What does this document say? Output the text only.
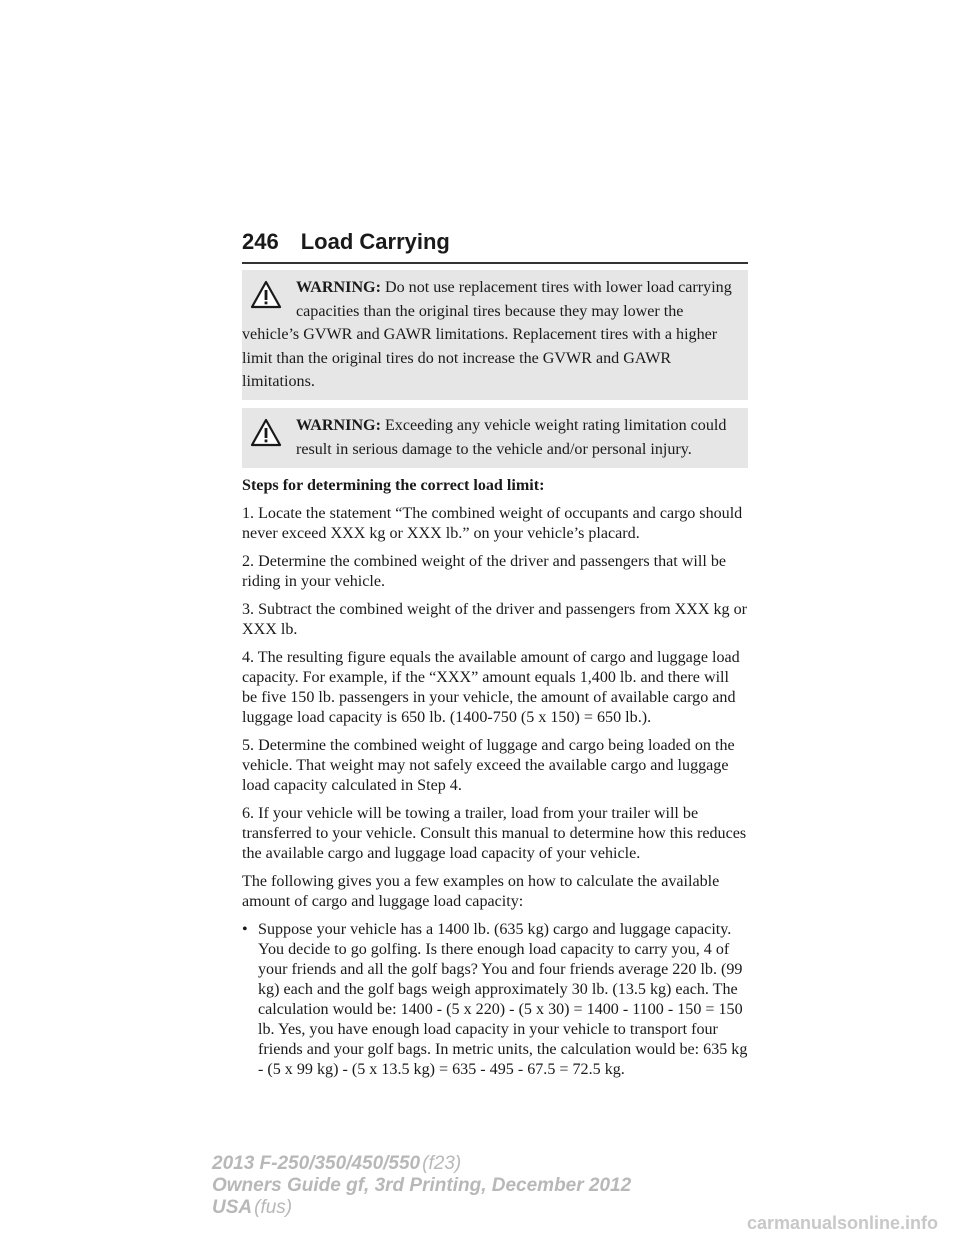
246 Load Carrying

WARNING: Do not use replacement tires with lower load carrying capacities than the original tires because they may lower the vehicle’s GVWR and GAWR limitations. Replacement tires with a higher limit than the original tires do not increase the GVWR and GAWR limitations.

WARNING: Exceeding any vehicle weight rating limitation could result in serious damage to the vehicle and/or personal injury.

Steps for determining the correct load limit:

1. Locate the statement “The combined weight of occupants and cargo should never exceed XXX kg or XXX lb.” on your vehicle’s placard.

2. Determine the combined weight of the driver and passengers that will be riding in your vehicle.

3. Subtract the combined weight of the driver and passengers from XXX kg or XXX lb.

4. The resulting figure equals the available amount of cargo and luggage load capacity. For example, if the “XXX” amount equals 1,400 lb. and there will be five 150 lb. passengers in your vehicle, the amount of available cargo and luggage load capacity is 650 lb. (1400-750 (5 x 150) = 650 lb.).

5. Determine the combined weight of luggage and cargo being loaded on the vehicle. That weight may not safely exceed the available cargo and luggage load capacity calculated in Step 4.

6. If your vehicle will be towing a trailer, load from your trailer will be transferred to your vehicle. Consult this manual to determine how this reduces the available cargo and luggage load capacity of your vehicle.

The following gives you a few examples on how to calculate the available amount of cargo and luggage load capacity:

• Suppose your vehicle has a 1400 lb. (635 kg) cargo and luggage capacity. You decide to go golfing. Is there enough load capacity to carry you, 4 of your friends and all the golf bags? You and four friends average 220 lb. (99 kg) each and the golf bags weigh approximately 30 lb. (13.5 kg) each. The calculation would be: 1400 - (5 x 220) - (5 x 30) = 1400 - 1100 - 150 = 150 lb. Yes, you have enough load capacity in your vehicle to transport four friends and your golf bags. In metric units, the calculation would be: 635 kg - (5 x 99 kg) - (5 x 13.5 kg) = 635 - 495 - 67.5 = 72.5 kg.
2013 F-250/350/450/550 (f23)
Owners Guide gf, 3rd Printing, December 2012
USA (fus)
carmanualsonline.info
